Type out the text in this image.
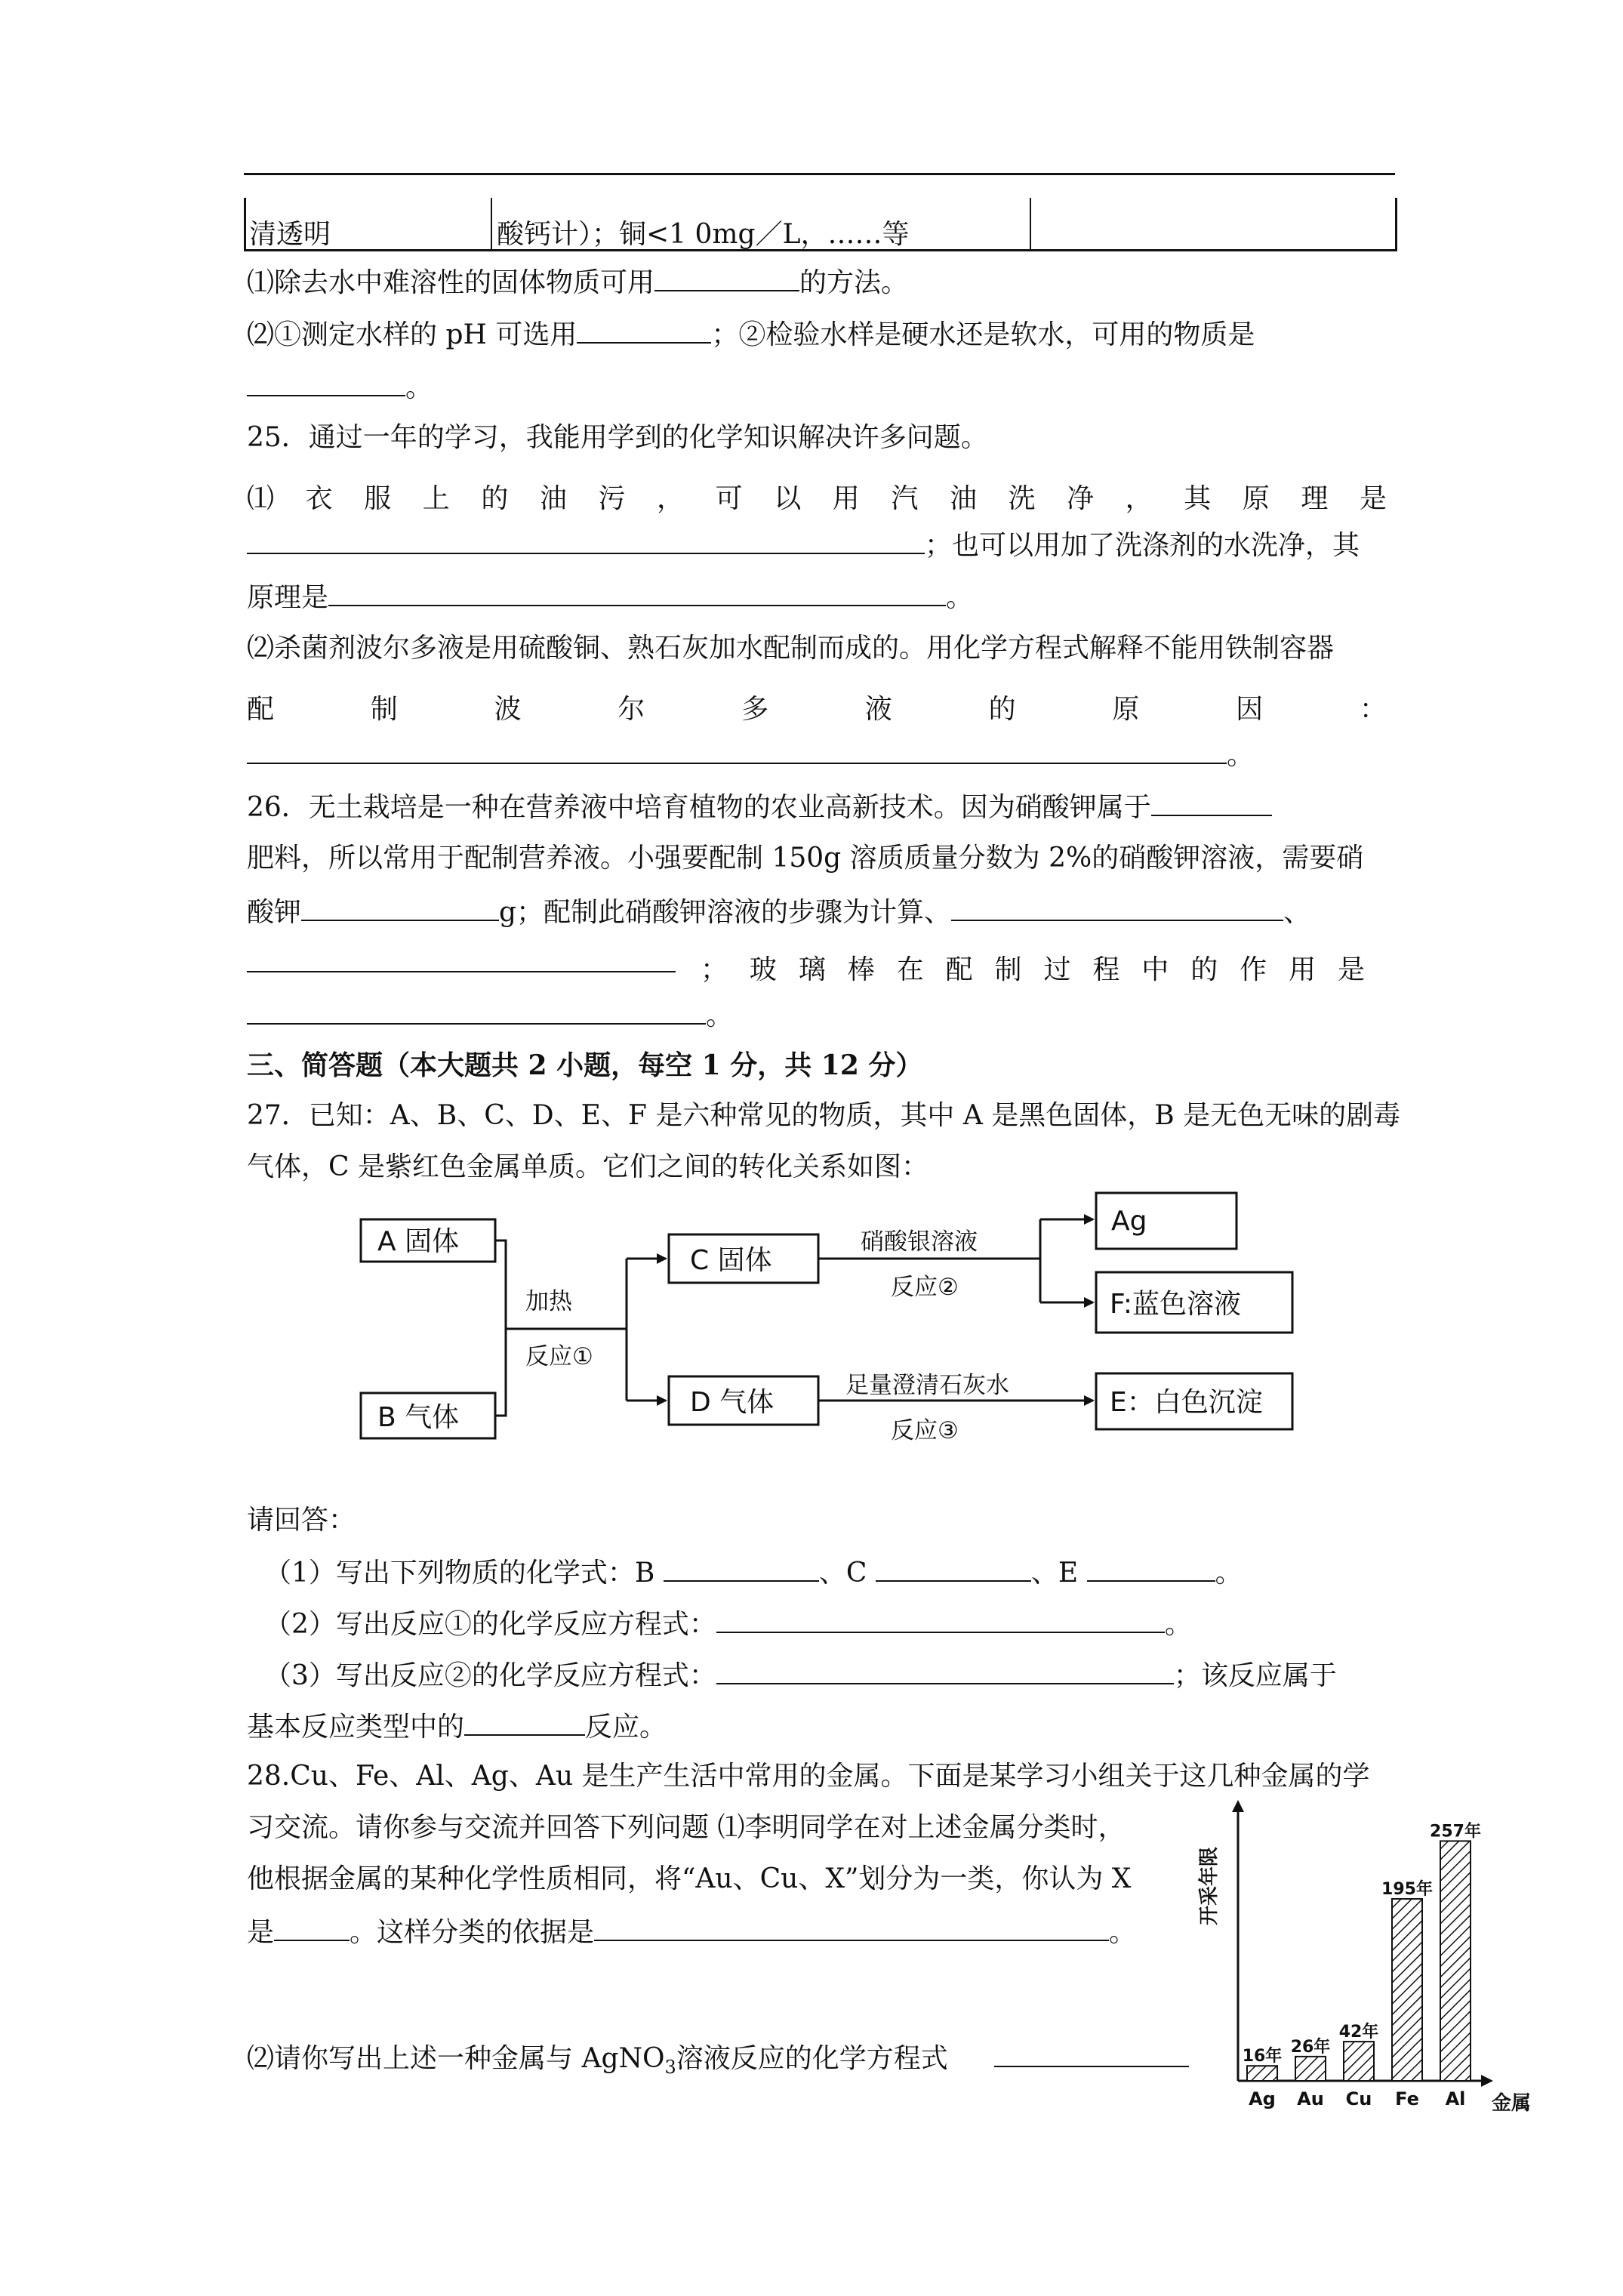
清透明	酸钙计）；铜<1 0mg／L，……等
⑴除去水中难溶性的固体物质可用	的方法。
⑵①测定水样的 pH 可选用	；②检验水样是硬水还是软水，可用的物质是
。
25．通过一年的学习，我能用学到的化学知识解决许多问题。
⑴ 衣 服 上 的 油 污 ， 可 以 用 汽 油 洗 净 ， 其 原 理 是
；也可以用加了洗涤剂的水洗净，其
原理是	。
⑵杀菌剂波尔多液是用硫酸铜、熟石灰加水配制而成的。用化学方程式解释不能用铁制容器
配	制	波	尔	多	液	的	原	因	：
。
26．无土栽培是一种在营养液中培育植物的农业高新技术。因为硝酸钾属于
肥料，所以常用于配制营养液。小强要配制 150g 溶质质量分数为 2%的硝酸钾溶液，需要硝
酸钾	g；配制此硝酸钾溶液的步骤为计算、	、
； 玻 璃 棒 在 配 制 过 程 中 的 作 用 是
。
三、简答题（本大题共 2 小题，每空 1 分，共 12 分）
27．已知：A、B、C、D、E、F 是六种常见的物质，其中 A 是黑色固体，B 是无色无味的剧毒
气体，C 是紫红色金属单质。它们之间的转化关系如图：
A 固体
B 气体
C 固体
D 气体
Ag
F:蓝色溶液
E：白色沉淀
加热
反应①
硝酸银溶液
反应②
足量澄清石灰水
反应③
请回答：
（1）写出下列物质的化学式：B	、C	、E	。
（2）写出反应①的化学反应方程式：	。
（3）写出反应②的化学反应方程式：	；该反应属于
基本反应类型中的	反应。
28.Cu、Fe、Al、Ag、Au 是生产生活中常用的金属。下面是某学习小组关于这几种金属的学
习交流。请你参与交流并回答下列问题 ⑴李明同学在对上述金属分类时，
他根据金属的某种化学性质相同，将“Au、Cu、X”划分为一类，你认为 X
是	。这样分类的依据是	。
⑵请你写出上述一种金属与 AgNO$_3$溶液反应的化学方程式	16年
Ag
26年
Au
42年
Cu
195年
Fe
257年
Al 金属
开采年限
